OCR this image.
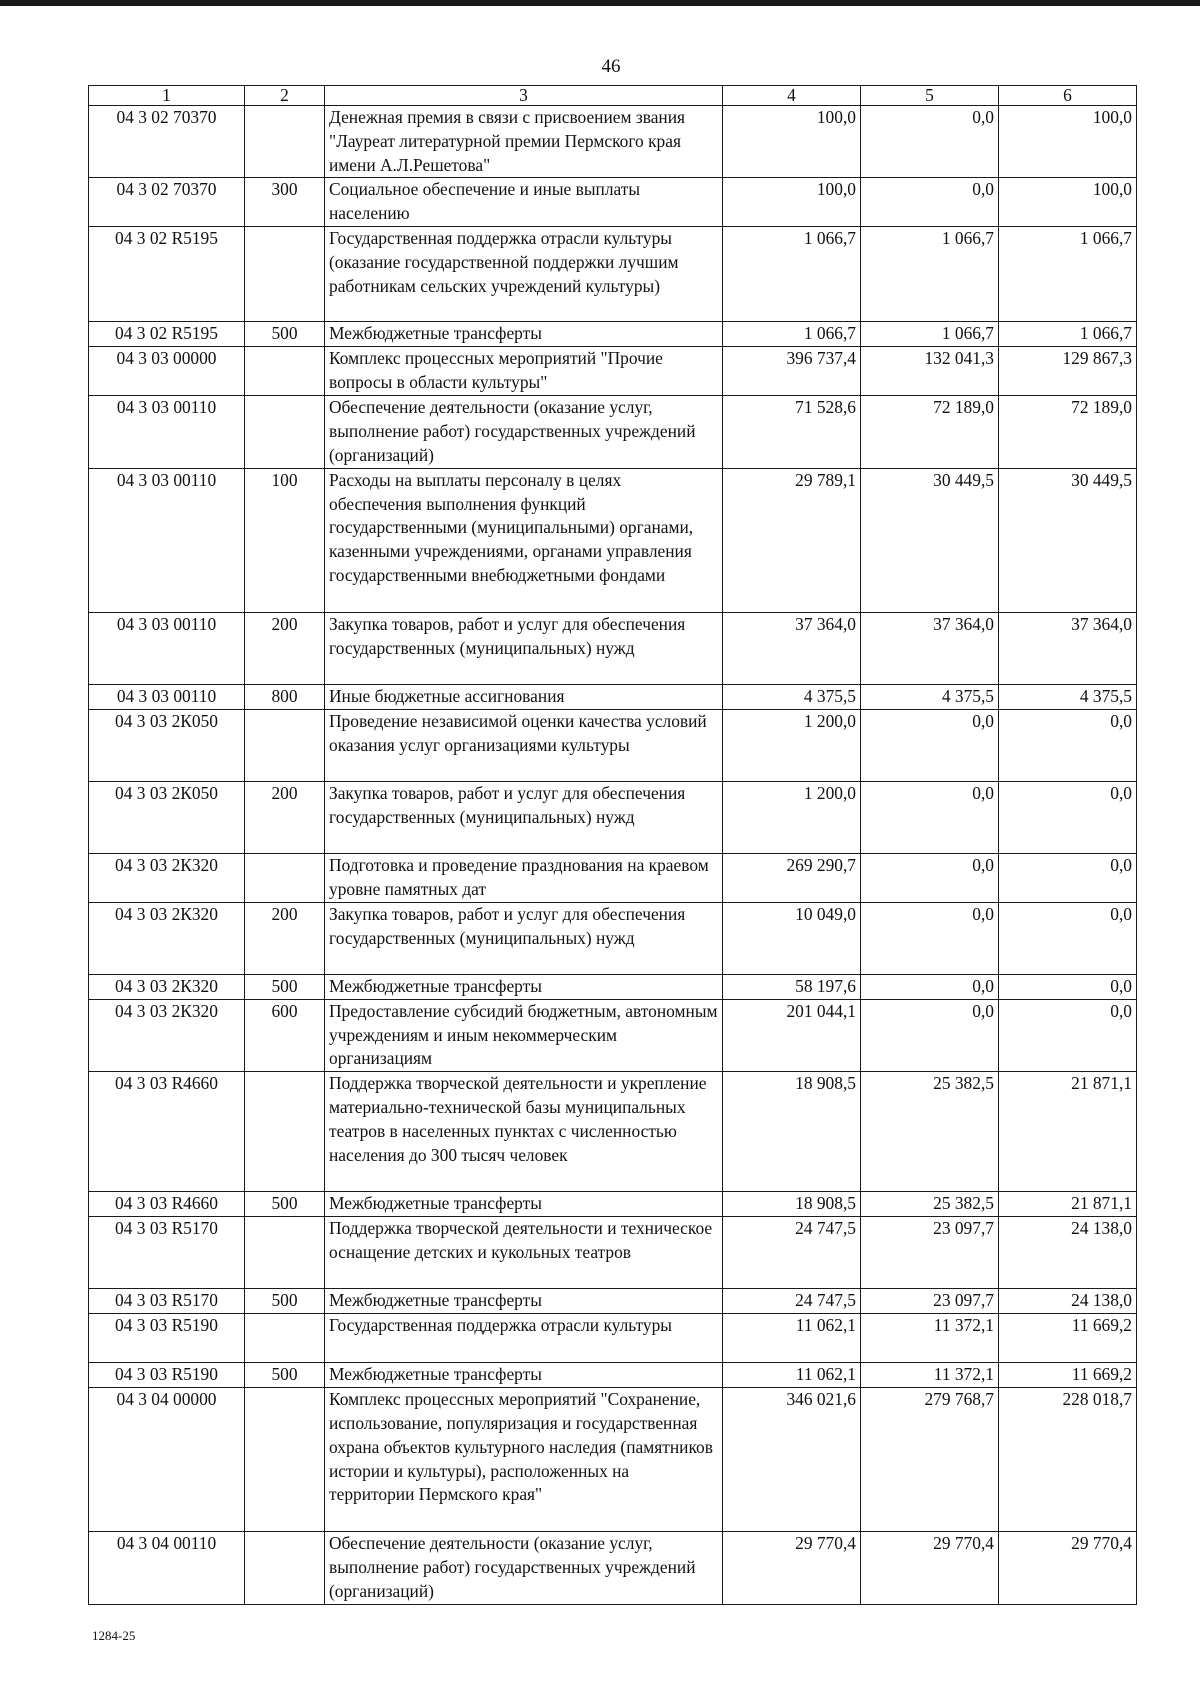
46
1	2	3	4	5	6
04 3 02 70370		Денежная премия в связи с присвоением звания "Лауреат литературной премии Пермского края имени А.Л.Решетова"	100,0	0,0	100,0
04 3 02 70370	300	Социальное обеспечение и иные выплаты населению	100,0	0,0	100,0
04 3 02 R5195		Государственная поддержка отрасли культуры (оказание государственной поддержки лучшим работникам сельских учреждений культуры)	1 066,7	1 066,7	1 066,7
04 3 02 R5195	500	Межбюджетные трансферты	1 066,7	1 066,7	1 066,7
04 3 03 00000		Комплекс процессных мероприятий "Прочие вопросы в области культуры"	396 737,4	132 041,3	129 867,3
04 3 03 00110		Обеспечение деятельности (оказание услуг, выполнение работ) государственных учреждений (организаций)	71 528,6	72 189,0	72 189,0
04 3 03 00110	100	Расходы на выплаты персоналу в целях обеспечения выполнения функций государственными (муниципальными) органами, казенными учреждениями, органами управления государственными внебюджетными фондами	29 789,1	30 449,5	30 449,5
04 3 03 00110	200	Закупка товаров, работ и услуг для обеспечения государственных (муниципальных) нужд	37 364,0	37 364,0	37 364,0
04 3 03 00110	800	Иные бюджетные ассигнования	4 375,5	4 375,5	4 375,5
04 3 03 2К050		Проведение независимой оценки качества условий оказания услуг организациями культуры	1 200,0	0,0	0,0
04 3 03 2К050	200	Закупка товаров, работ и услуг для обеспечения государственных (муниципальных) нужд	1 200,0	0,0	0,0
04 3 03 2К320		Подготовка и проведение празднования на краевом уровне памятных дат	269 290,7	0,0	0,0
04 3 03 2К320	200	Закупка товаров, работ и услуг для обеспечения государственных (муниципальных) нужд	10 049,0	0,0	0,0
04 3 03 2К320	500	Межбюджетные трансферты	58 197,6	0,0	0,0
04 3 03 2К320	600	Предоставление субсидий бюджетным, автономным учреждениям и иным некоммерческим организациям	201 044,1	0,0	0,0
04 3 03 R4660		Поддержка творческой деятельности и укрепление материально-технической базы муниципальных театров в населенных пунктах с численностью населения до 300 тысяч человек	18 908,5	25 382,5	21 871,1
04 3 03 R4660	500	Межбюджетные трансферты	18 908,5	25 382,5	21 871,1
04 3 03 R5170		Поддержка творческой деятельности и техническое оснащение детских и кукольных театров	24 747,5	23 097,7	24 138,0
04 3 03 R5170	500	Межбюджетные трансферты	24 747,5	23 097,7	24 138,0
04 3 03 R5190		Государственная поддержка отрасли культуры	11 062,1	11 372,1	11 669,2
04 3 03 R5190	500	Межбюджетные трансферты	11 062,1	11 372,1	11 669,2
04 3 04 00000		Комплекс процессных мероприятий "Сохранение, использование, популяризация и государственная охрана объектов культурного наследия (памятников истории и культуры), расположенных на территории Пермского края"	346 021,6	279 768,7	228 018,7
04 3 04 00110		Обеспечение деятельности (оказание услуг, выполнение работ) государственных учреждений (организаций)	29 770,4	29 770,4	29 770,4
1284-25
